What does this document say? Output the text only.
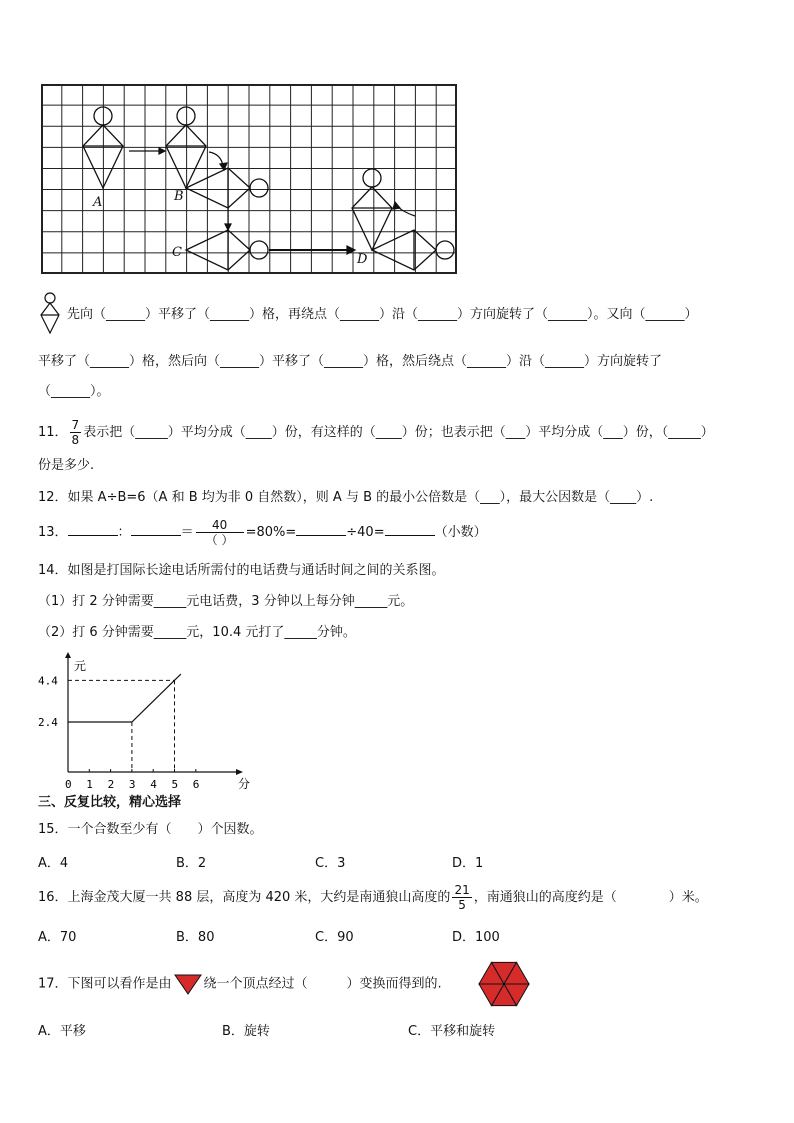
A	B
C	D
先向（______）平移了（______）格，再绕点（______）沿（______）方向旋转了（______）。又向（______）
平移了（______）格，然后向（______）平移了（______）格，然后绕点（______）沿（______）方向旋转了
（______）。
11． $\frac{7}{8}$ 表示把（_____）平均分成（____）份，有这样的（____）份；也表示把（___）平均分成（___）份，（_____）
份是多少.
12．如果 A÷B=6（A 和 B 均为非 0 自然数），则 A 与 B 的最小公倍数是（___），最大公因数是（____）.
13．	：	＝ $\frac{40}{( )} =80\%=$	÷40=	（小数）
14．如图是打国际长途电话所需付的电话费与通话时间之间的关系图。
（1）打 2 分钟需要_____元电话费，3 分钟以上每分钟_____元。
（2）打 6 分钟需要_____元，10.4 元打了_____分钟。
元
分
0 1 2 3 4 5 6
2.4
4.4
三、反复比较，精心选择
15．一个合数至少有（　　）个因数。
A．4	B．2	C．3	D．1
16．上海金茂大厦一共 88 层，高度为 420 米，大约是南通狼山高度的 $\frac{21}{5}$ ，南通狼山的高度约是（　　　　）米。
A．70	B．80	C．90	D．100
17．下图可以看作是由 绕一个顶点经过（　　　）变换而得到的.
A．平移	B．旋转	C．平移和旋转
